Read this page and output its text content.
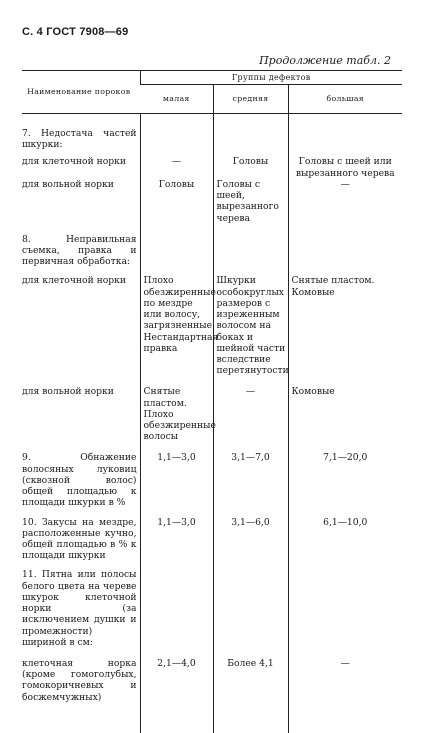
С. 4 ГОСТ 7908—69
Продолжение табл. 2
Наименование пороков	Группы дефектов		
	малая	средняя	большая

7. Недостача частей шкурки:			

для клеточной норки	—	Головы	Головы с шеей или вырезанного черева
для вольной норки	Головы	Головы с шеей, вырезанного черева	—

8. Неправильная съемка, правка и первичная обработка:			

для клеточной норки	Плохо обезжиренные по мездре или волосу, загрязненные. Нестандартная правка	Шкурки особокруглых размеров с изреженным волосом на боках и шейной части вследствие перетянутости	Снятые пластом. Комовые

для вольной норки	Снятые пластом. Плохо обезжиренные волосы	—	Комовые

9. Обнажение волосяных луковиц (сквозной волос) общей площадью к площади шкурки в %	1,1—3,0	3,1—7,0	7,1—20,0

10. Закусы на мездре, расположенные кучно, общей площадью в % к площади шкурки	1,1—3,0	3,1—6,0	6,1—10,0

11. Пятна или полосы белого цвета на череве шкурок клеточной норки (за исключением душки и промежности) шириной в см:			

клеточная норка (кроме гомоголубых, гомокоричневых и босжемчужных)	2,1—4,0	Более 4,1	—
